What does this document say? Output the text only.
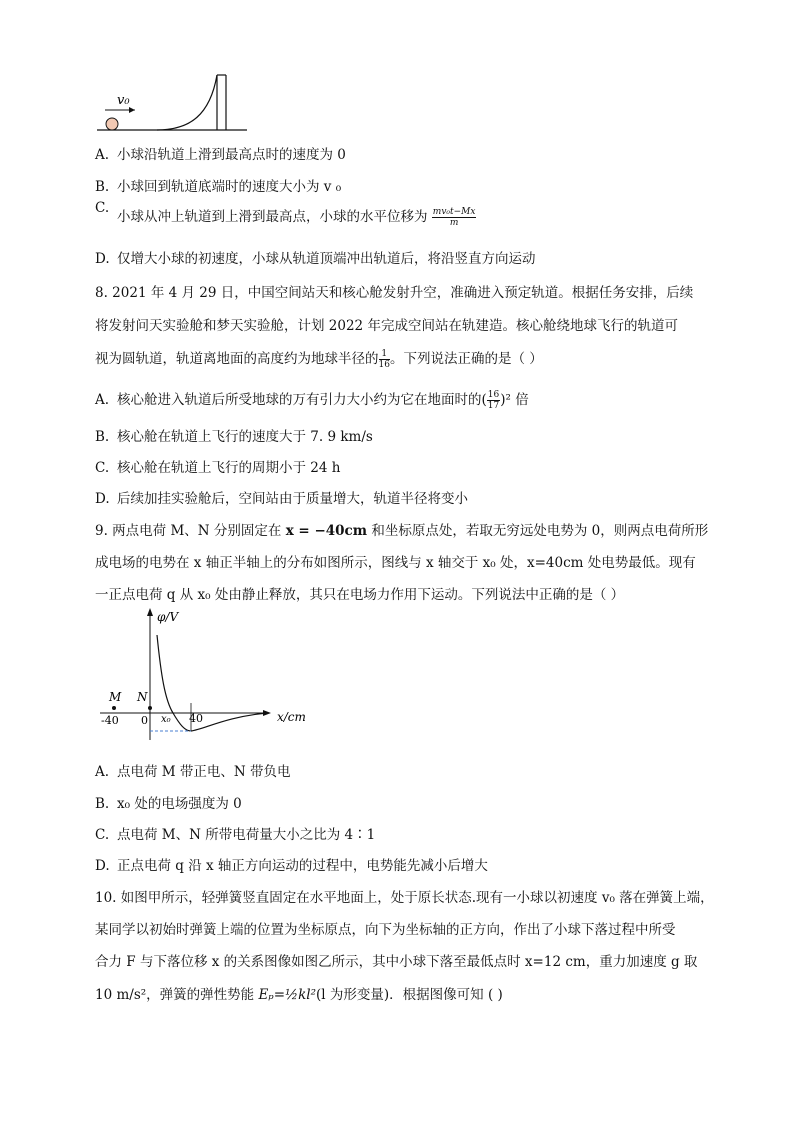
v₀
A. 小球沿轨道上滑到最高点时的速度为 0
B. 小球回到轨道底端时的速度大小为 v ₀
C.
小球从冲上轨道到上滑到最高点，小球的水平位移为 $\frac{\text{mv₀t−Mx}}{m}$
D. 仅增大小球的初速度，小球从轨道顶端冲出轨道后，将沿竖直方向运动
8. 2021 年 4 月 29 日，中国空间站天和核心舱发射升空，准确进入预定轨道。根据任务安排，后续
将发射问天实验舱和梦天实验舱，计划 2022 年完成空间站在轨建造。核心舱绕地球飞行的轨道可
视为圆轨道，轨道离地面的高度约为地球半径的 $\frac{1}{16}$ 。下列说法正确的是（ ）
A. 核心舱进入轨道后所受地球的万有引力大小约为它在地面时的( $\frac{16}{17} )^2$ 倍
B. 核心舱在轨道上飞行的速度大于 7. 9 km/s
C. 核心舱在轨道上飞行的周期小于 24 h
D. 后续加挂实验舱后，空间站由于质量增大，轨道半径将变小
9. 两点电荷 M、N 分别固定在 x = −40cm 和坐标原点处，若取无穷远处电势为 0，则两点电荷所形
成电场的电势在 x 轴正半轴上的分布如图所示，图线与 x 轴交于 x₀ 处，x=40cm 处电势最低。现有
一正点电荷 q 从 x₀ 处由静止释放，其只在电场力作用下运动。下列说法中正确的是（ ）
φ/V
x/cm
M N
-40 0 x₀ 40
A. 点电荷 M 带正电、N 带负电
B. x₀ 处的电场强度为 0
C. 点电荷 M、N 所带电荷量大小之比为 4∶1
D. 正点电荷 q 沿 x 轴正方向运动的过程中，电势能先减小后增大
10. 如图甲所示，轻弹簧竖直固定在水平地面上，处于原长状态.现有一小球以初速度 v₀ 落在弹簧上端，
某同学以初始时弹簧上端的位置为坐标原点，向下为坐标轴的正方向，作出了小球下落过程中所受
合力 F 与下落位移 x 的关系图像如图乙所示，其中小球下落至最低点时 x=12 cm，重力加速度 g 取
10 m/s²，弹簧的弹性势能 Eₚ=½kl²(l 为形变量)．根据图像可知 ( )
